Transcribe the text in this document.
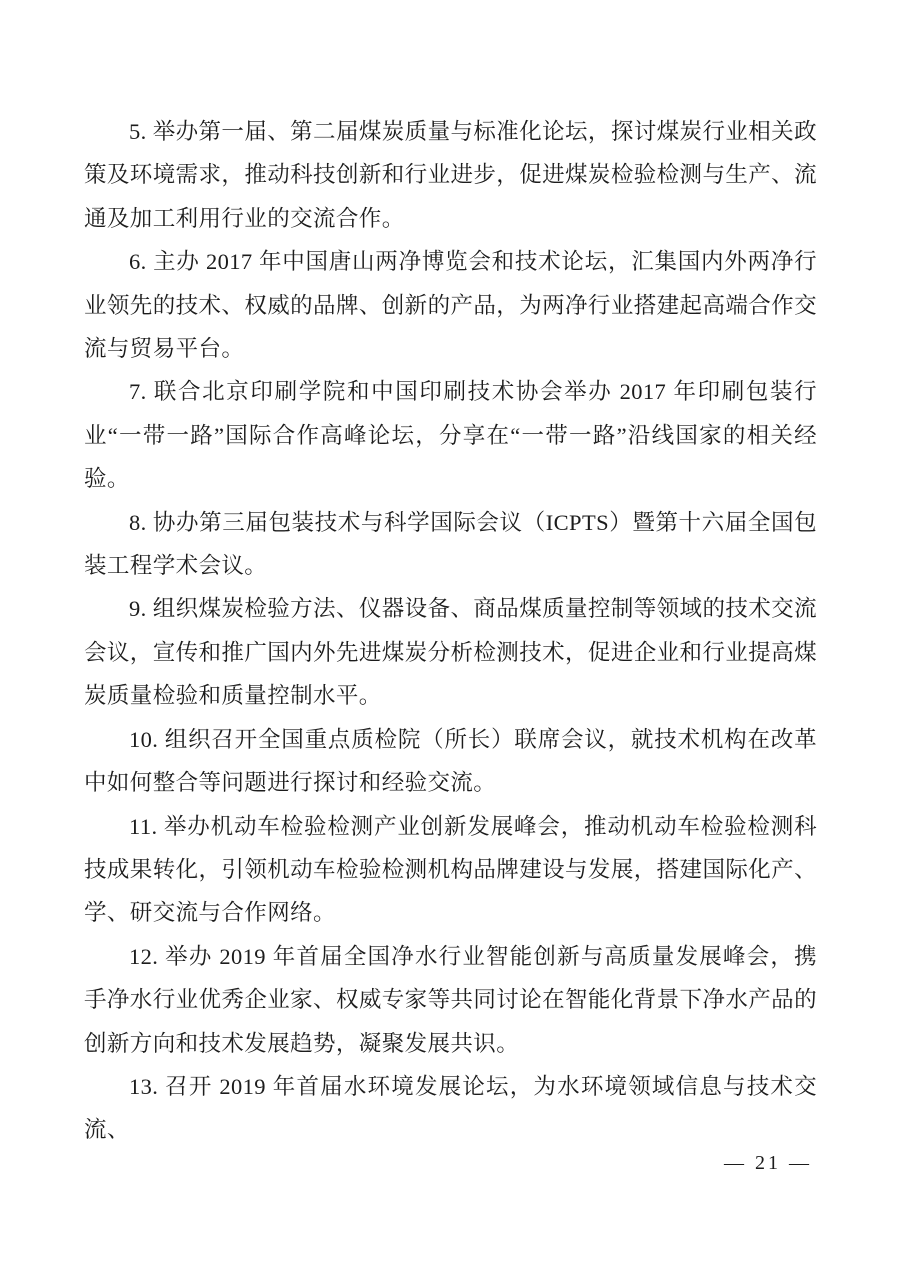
5. 举办第一届、第二届煤炭质量与标准化论坛，探讨煤炭行业相关政策及环境需求，推动科技创新和行业进步，促进煤炭检验检测与生产、流通及加工利用行业的交流合作。

6. 主办 2017 年中国唐山两净博览会和技术论坛，汇集国内外两净行业领先的技术、权威的品牌、创新的产品，为两净行业搭建起高端合作交流与贸易平台。

7. 联合北京印刷学院和中国印刷技术协会举办 2017 年印刷包装行业“一带一路”国际合作高峰论坛，分享在“一带一路”沿线国家的相关经验。

8. 协办第三届包装技术与科学国际会议（ICPTS）暨第十六届全国包装工程学术会议。

9. 组织煤炭检验方法、仪器设备、商品煤质量控制等领域的技术交流会议，宣传和推广国内外先进煤炭分析检测技术，促进企业和行业提高煤炭质量检验和质量控制水平。

10. 组织召开全国重点质检院（所长）联席会议，就技术机构在改革中如何整合等问题进行探讨和经验交流。

11. 举办机动车检验检测产业创新发展峰会，推动机动车检验检测科技成果转化，引领机动车检验检测机构品牌建设与发展，搭建国际化产、学、研交流与合作网络。

12. 举办 2019 年首届全国净水行业智能创新与高质量发展峰会，携手净水行业优秀企业家、权威专家等共同讨论在智能化背景下净水产品的创新方向和技术发展趋势，凝聚发展共识。

13. 召开 2019 年首届水环境发展论坛，为水环境领域信息与技术交流、

— 21 —
